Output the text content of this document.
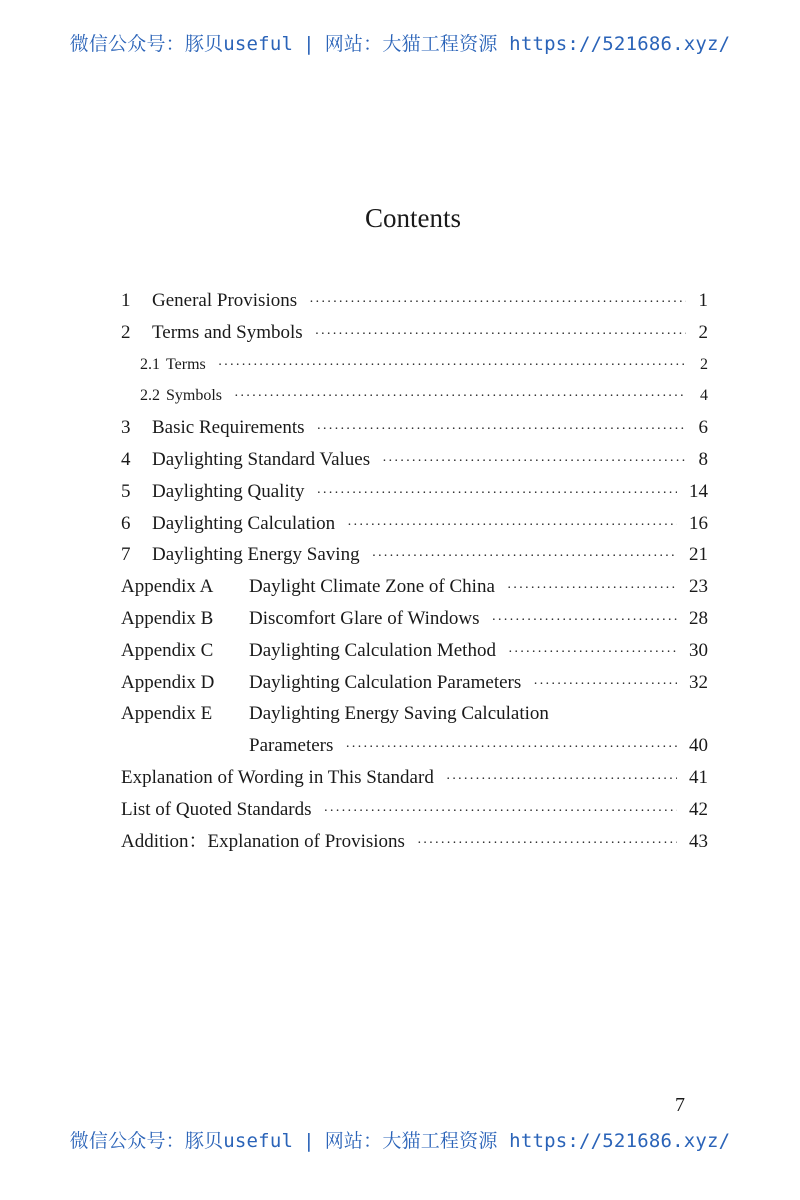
微信公众号：豚贝useful | 网站：大猫工程资源 https://521686.xyz/
Contents
1	General Provisions ·····	1
2	Terms and Symbols ·····	2
2.1 Terms ·····	2
2.2 Symbols ·····	4
3	Basic Requirements ·····	6
4	Daylighting Standard Values ·····	8
5	Daylighting Quality ·····	14
6	Daylighting Calculation ·····	16
7	Daylighting Energy Saving ·····	21
Appendix A	Daylight Climate Zone of China ·····	23
Appendix B	Discomfort Glare of Windows ·····	28
Appendix C	Daylighting Calculation Method ·····	30
Appendix D	Daylighting Calculation Parameters ·····	32
Appendix E	Daylighting Energy Saving Calculation
Parameters ·····	40
Explanation of Wording in This Standard ·····	41
List of Quoted Standards ·····	42
Addition：Explanation of Provisions ·····	43
7
微信公众号：豚贝useful | 网站：大猫工程资源 https://521686.xyz/
